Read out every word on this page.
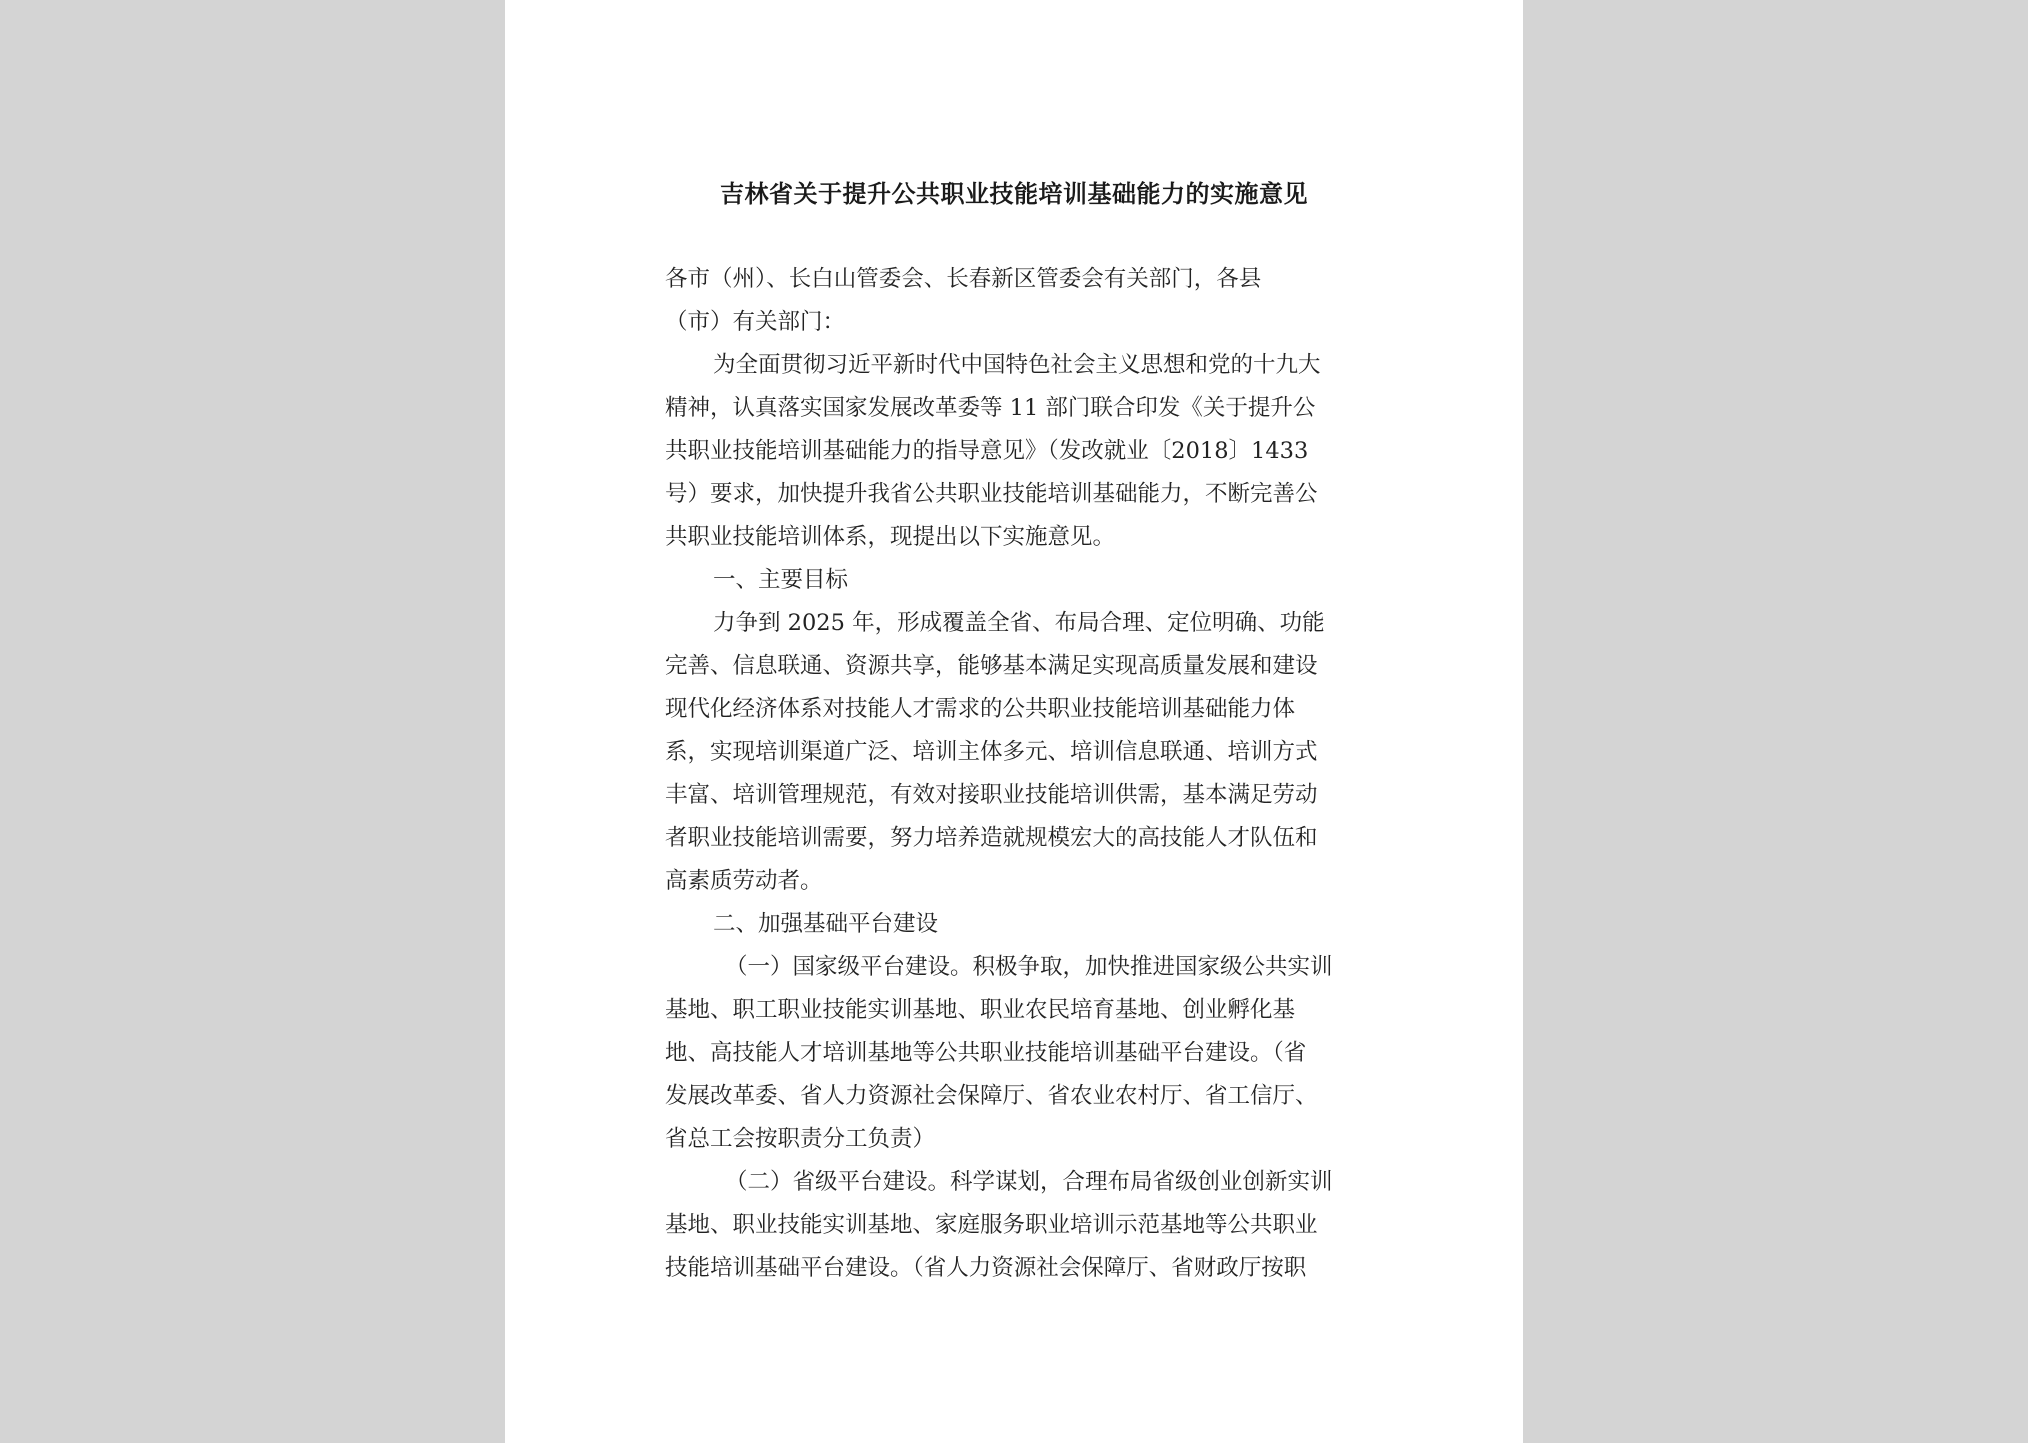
吉林省关于提升公共职业技能培训基础能力的实施意见
各市（州）、长白山管委会、长春新区管委会有关部门，各县
（市）有关部门：
为全面贯彻习近平新时代中国特色社会主义思想和党的十九大
精神，认真落实国家发展改革委等 11 部门联合印发《关于提升公
共职业技能培训基础能力的指导意见》（发改就业〔2018〕1433
号）要求，加快提升我省公共职业技能培训基础能力，不断完善公
共职业技能培训体系，现提出以下实施意见。
一、主要目标
力争到 2025 年，形成覆盖全省、布局合理、定位明确、功能
完善、信息联通、资源共享，能够基本满足实现高质量发展和建设
现代化经济体系对技能人才需求的公共职业技能培训基础能力体
系，实现培训渠道广泛、培训主体多元、培训信息联通、培训方式
丰富、培训管理规范，有效对接职业技能培训供需，基本满足劳动
者职业技能培训需要，努力培养造就规模宏大的高技能人才队伍和
高素质劳动者。
二、加强基础平台建设
（一）国家级平台建设。积极争取，加快推进国家级公共实训
基地、职工职业技能实训基地、职业农民培育基地、创业孵化基
地、高技能人才培训基地等公共职业技能培训基础平台建设。（省
发展改革委、省人力资源社会保障厅、省农业农村厅、省工信厅、
省总工会按职责分工负责）
（二）省级平台建设。科学谋划，合理布局省级创业创新实训
基地、职业技能实训基地、家庭服务职业培训示范基地等公共职业
技能培训基础平台建设。（省人力资源社会保障厅、省财政厅按职
